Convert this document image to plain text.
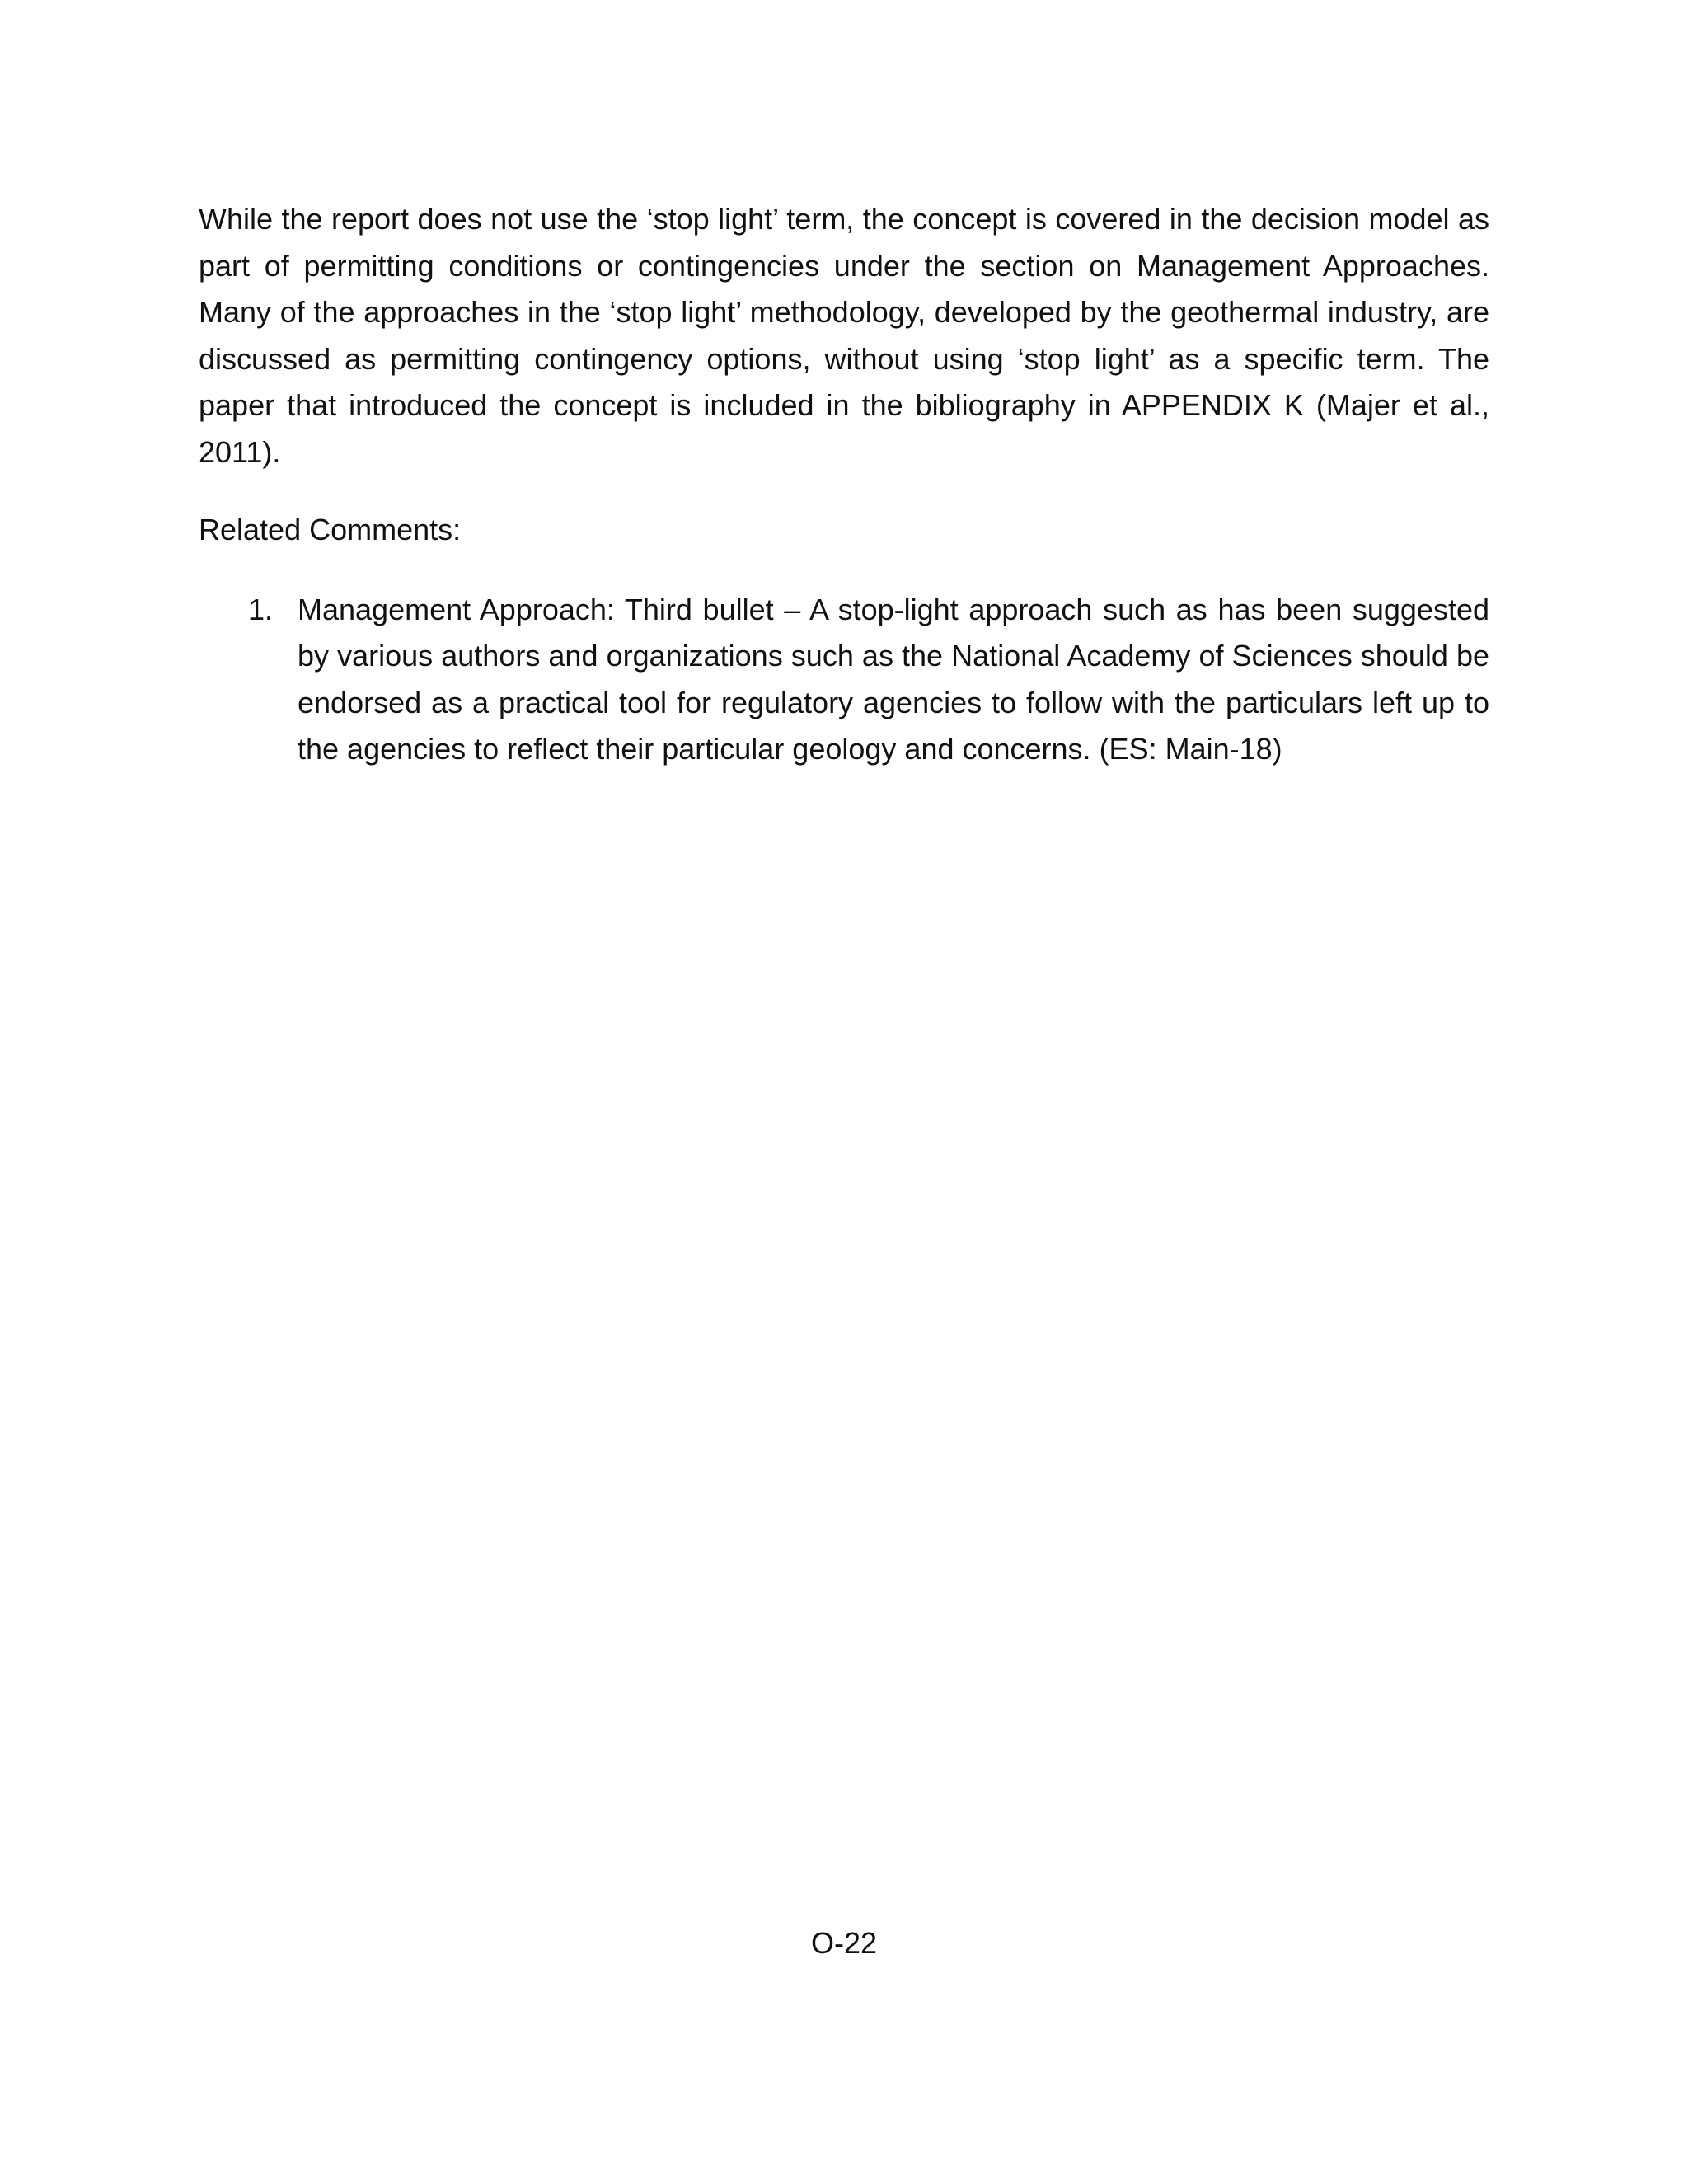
While the report does not use the ‘stop light’ term, the concept is covered in the decision model as part of permitting conditions or contingencies under the section on Management Approaches. Many of the approaches in the ‘stop light’ methodology, developed by the geothermal industry, are discussed as permitting contingency options, without using ‘stop light’ as a specific term. The paper that introduced the concept is included in the bibliography in APPENDIX K (Majer et al., 2011).

Related Comments:

1. Management Approach: Third bullet – A stop-light approach such as has been suggested by various authors and organizations such as the National Academy of Sciences should be endorsed as a practical tool for regulatory agencies to follow with the particulars left up to the agencies to reflect their particular geology and concerns. (ES: Main-18)
O-22
